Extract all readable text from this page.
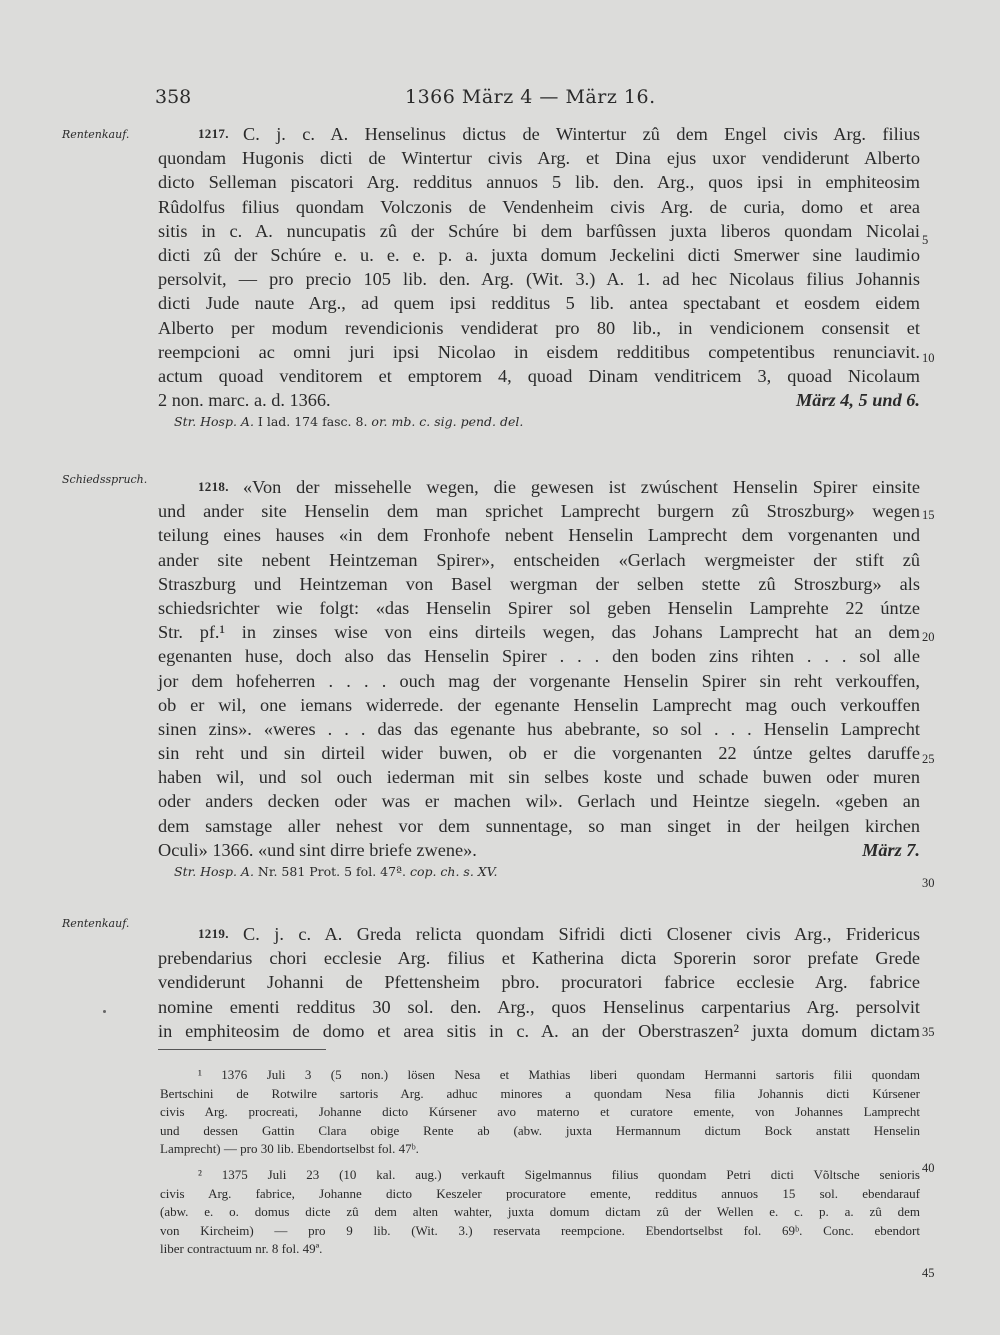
358	1366 März 4 — März 16.
Rentenkauf.	1217. C. j. c. A. Henselinus dictus de Wintertur zû dem Engel civis Arg. filius
quondam Hugonis dicti de Wintertur civis Arg. et Dina ejus uxor vendiderunt Alberto
dicto Selleman piscatori Arg. redditus annuos 5 lib. den. Arg., quos ipsi in emphiteosim
Rûdolfus filius quondam Volczonis de Vendenheim civis Arg. de curia, domo et area
sitis in c. A. nuncupatis zû der Schúre bi dem barfûssen juxta liberos quondam Nicolai
dicti zû der Schúre e. u. e. e. p. a. juxta domum Jeckelini dicti Smerwer sine laudimio
persolvit, — pro precio 105 lib. den. Arg. (Wit. 3.) A. 1. ad hec Nicolaus filius Johannis
dicti Jude naute Arg., ad quem ipsi redditus 5 lib. antea spectabant et eosdem eidem
Alberto per modum revendicionis vendiderat pro 80 lib., in vendicionem consensit et
reempcioni ac omni juri ipsi Nicolao in eisdem redditibus competentibus renunciavit.
actum quoad venditorem et emptorem 4, quoad Dinam venditricem 3, quoad Nicolaum
2 non. marc. a. d. 1366.	März 4, 5 und 6.
Str. Hosp. A. I lad. 174 fasc. 8. or. mb. c. sig. pend. del.
Schiedsspruch.	1218. «Von der missehelle wegen, die gewesen ist zwúschent Henselin Spirer einsite
und ander site Henselin dem man sprichet Lamprecht burgern zû Stroszburg» wegen
teilung eines hauses «in dem Fronhofe nebent Henselin Lamprecht dem vorgenanten und
ander site nebent Heintzeman Spirer», entscheiden «Gerlach wergmeister der stift zû
Straszburg und Heintzeman von Basel wergman der selben stette zû Stroszburg» als
schiedsrichter wie folgt: «das Henselin Spirer sol geben Henselin Lamprehte 22 úntze
Str. pf.¹ in zinses wise von eins dirteils wegen, das Johans Lamprecht hat an dem
egenanten huse, doch also das Henselin Spirer . . . den boden zins rihten . . . sol alle
jor dem hofeherren . . . . ouch mag der vorgenante Henselin Spirer sin reht verkouffen,
ob er wil, one iemans widerrede. der egenante Henselin Lamprecht mag ouch verkouffen
sinen zins». «weres . . . das das egenante hus abebrante, so sol . . . Henselin Lamprecht
sin reht und sin dirteil wider buwen, ob er die vorgenanten 22 úntze geltes daruffe
haben wil, und sol ouch iederman mit sin selbes koste und schade buwen oder muren
oder anders decken oder was er machen wil». Gerlach und Heintze siegeln. «geben an
dem samstage aller nehest vor dem sunnentage, so man singet in der heilgen kirchen
Oculi» 1366. «und sint dirre briefe zwene».	März 7.
Str. Hosp. A. Nr. 581 Prot. 5 fol. 47ª. cop. ch. s. XV.
Rentenkauf.
1219. C. j. c. A. Greda relicta quondam Sifridi dicti Closener civis Arg., Fridericus
prebendarius chori ecclesie Arg. filius et Katherina dicta Sporerin soror prefate Grede
vendiderunt Johanni de Pfettensheim pbro. procuratori fabrice ecclesie Arg. fabrice
nomine ementi redditus 30 sol. den. Arg., quos Henselinus carpentarius Arg. persolvit
in emphiteosim de domo et area sitis in c. A. an der Oberstraszen² juxta domum dictam
5
10
15
20
25
30
35
40
45
¹ 1376 Juli 3 (5 non.) lösen Nesa et Mathias liberi quondam Hermanni sartoris filii quondam
Bertschini de Rotwilre sartoris Arg. adhuc minores a quondam Nesa filia Johannis dicti Kúrsener
civis Arg. procreati, Johanne dicto Kúrsener avo materno et curatore emente, von Johannes Lamprecht
und dessen Gattin Clara obige Rente ab (abw. juxta Hermannum dictum Bock anstatt Henselin
Lamprecht) — pro 30 lib. Ebendortselbst fol. 47ᵇ.
² 1375 Juli 23 (10 kal. aug.) verkauft Sigelmannus filius quondam Petri dicti Võltsche senioris
civis Arg. fabrice, Johanne dicto Keszeler procuratore emente, redditus annuos 15 sol. ebendarauf
(abw. e. o. domus dicte zû dem alten wahter, juxta domum dictam zû der Wellen e. c. p. a. zû dem
von Kircheim) — pro 9 lib. (Wit. 3.) reservata reempcione. Ebendortselbst fol. 69ᵇ. Conc. ebendort
liber contractuum nr. 8 fol. 49ª.
